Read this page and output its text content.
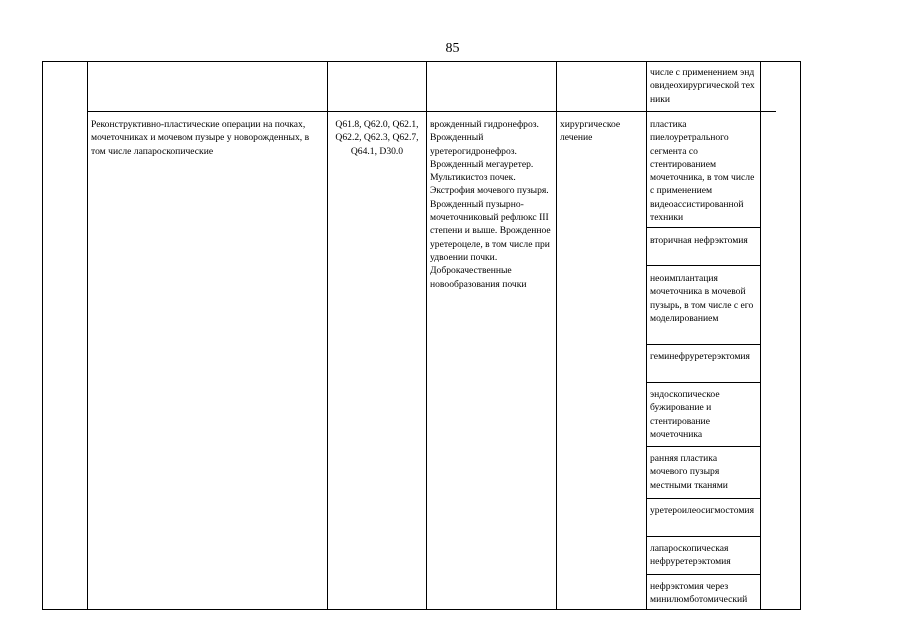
85
числе с применением эндовидеохирургической техники
Реконструктивно-пластические операции на почках, мочеточниках и мочевом пузыре у новорожденных, в том числе лапароскопические
Q61.8, Q62.0, Q62.1, Q62.2, Q62.3, Q62.7, Q64.1, D30.0
врожденный гидронефроз. Врожденный уретерогидронефроз. Врожденный мегауретер. Мультикистоз почек. Экстрофия мочевого пузыря. Врожденный пузырно-мочеточниковый рефлюкс III степени и выше. Врожденное уретероцеле, в том числе при удвоении почки. Доброкачественные новообразования почки
хирургическое лечение
пластика пиелоуретрального сегмента со стентированием мочеточника, в том числе с применением видеоассистированной техники
вторичная нефрэктомия
неоимплантация мочеточника в мочевой пузырь, в том числе с его моделированием
геминефруретерэктомия
эндоскопическое бужирование и стентирование мочеточника
ранняя пластика мочевого пузыря местными тканями
уретероилеосигмостомия
лапароскопическая нефруретерэктомия
нефрэктомия через минилюмботомический
